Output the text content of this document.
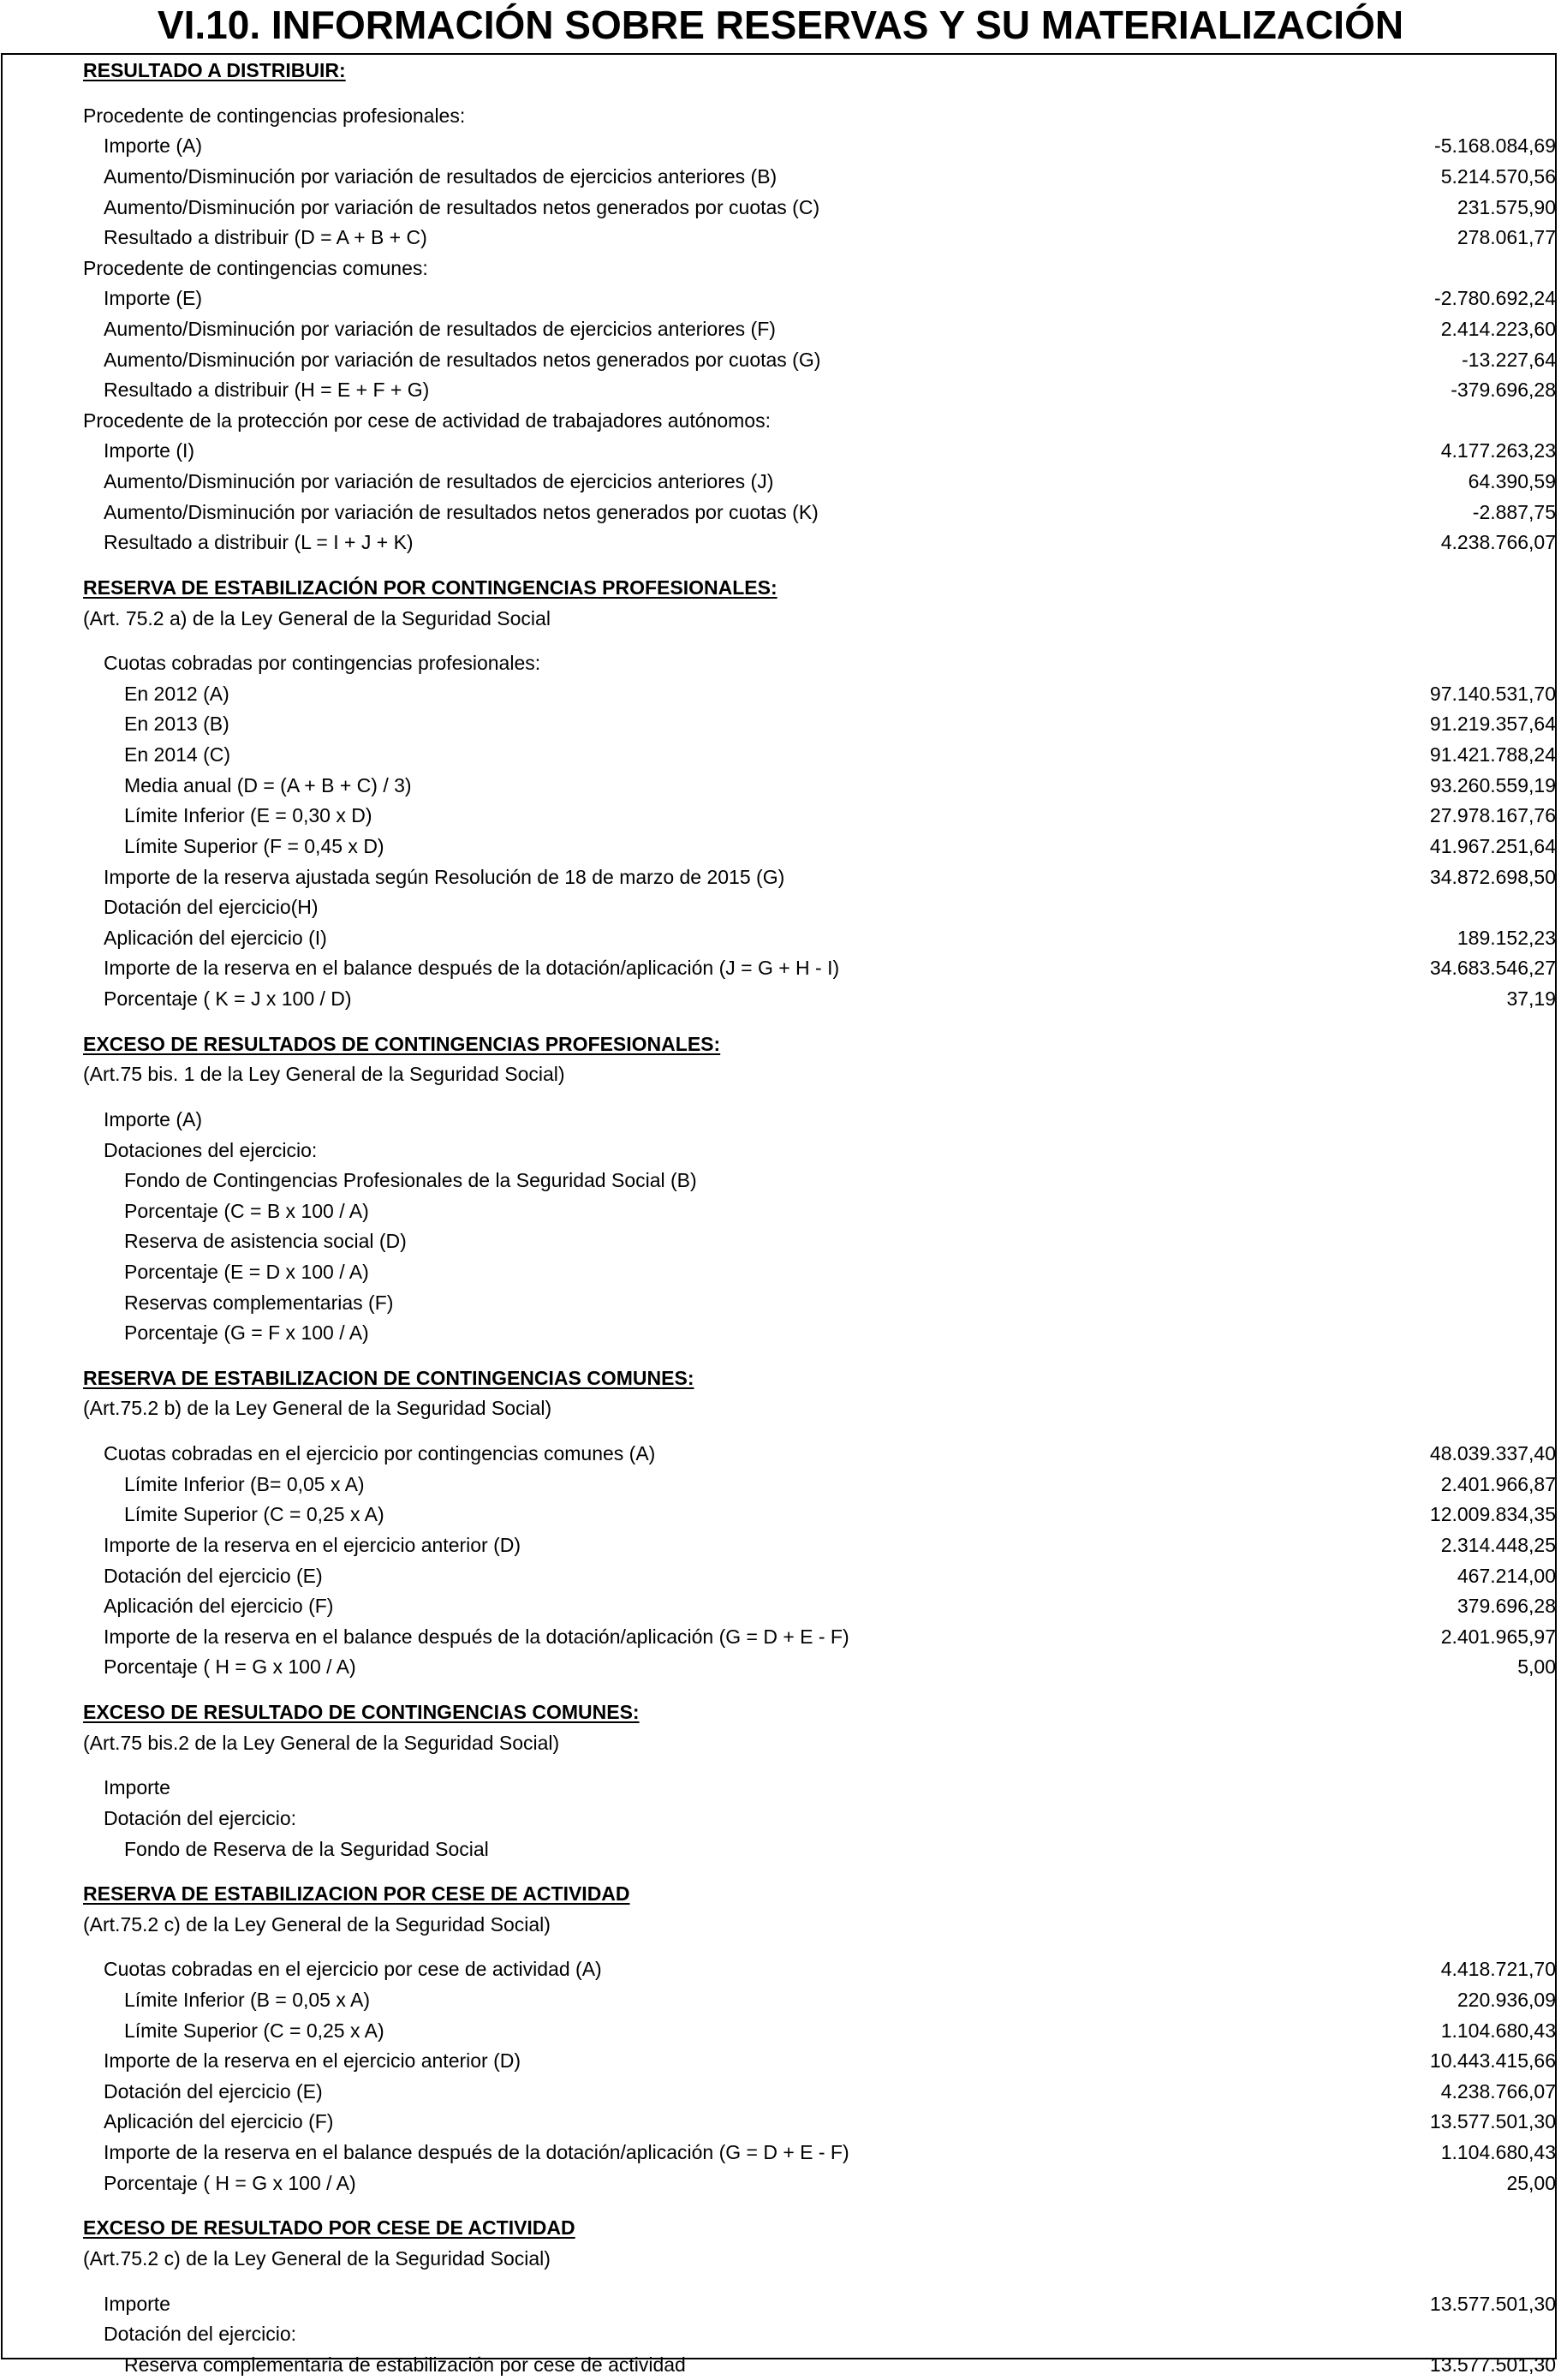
VI.10. INFORMACIÓN SOBRE RESERVAS Y SU MATERIALIZACIÓN
RESULTADO A DISTRIBUIR:
Procedente de contingencias profesionales:
Importe (A)	-5.168.084,69
Aumento/Disminución por variación de resultados de ejercicios anteriores (B)	5.214.570,56
Aumento/Disminución por variación de resultados netos generados por cuotas (C)	231.575,90
Resultado a distribuir (D = A + B + C)	278.061,77
Procedente de contingencias comunes:
Importe (E)	-2.780.692,24
Aumento/Disminución por variación de resultados de ejercicios anteriores (F)	2.414.223,60
Aumento/Disminución por variación de resultados netos generados por cuotas (G)	-13.227,64
Resultado a distribuir (H = E + F + G)	-379.696,28
Procedente de la protección por cese de actividad de trabajadores autónomos:
Importe (I)	4.177.263,23
Aumento/Disminución por variación de resultados de ejercicios anteriores (J)	64.390,59
Aumento/Disminución por variación de resultados netos generados por cuotas (K)	-2.887,75
Resultado a distribuir (L = I + J + K)	4.238.766,07
RESERVA DE ESTABILIZACIÓN POR CONTINGENCIAS PROFESIONALES:
(Art. 75.2 a) de la Ley General de la Seguridad Social
Cuotas cobradas por contingencias profesionales:
En 2012 (A)	97.140.531,70
En 2013 (B)	91.219.357,64
En 2014 (C)	91.421.788,24
Media anual (D = (A + B + C) / 3)	93.260.559,19
Límite Inferior (E = 0,30 x D)	27.978.167,76
Límite Superior (F = 0,45 x D)	41.967.251,64
Importe de la reserva ajustada según Resolución de 18 de marzo de 2015 (G)	34.872.698,50
Dotación del ejercicio(H)
Aplicación del ejercicio (I)	189.152,23
Importe de la reserva en el balance después de la dotación/aplicación (J = G + H - I)	34.683.546,27
Porcentaje ( K = J x 100 / D)	37,19
EXCESO DE RESULTADOS DE CONTINGENCIAS PROFESIONALES:
(Art.75 bis. 1 de la Ley General de la Seguridad Social)
Importe (A)
Dotaciones del ejercicio:
Fondo de Contingencias Profesionales de la Seguridad Social (B)
Porcentaje (C = B x 100 / A)
Reserva de asistencia social (D)
Porcentaje (E = D x 100 / A)
Reservas complementarias (F)
Porcentaje (G = F x 100 / A)
RESERVA DE ESTABILIZACION DE CONTINGENCIAS COMUNES:
(Art.75.2 b) de la Ley General de la Seguridad Social)
Cuotas cobradas en el ejercicio por contingencias comunes (A)	48.039.337,40
Límite Inferior (B= 0,05 x A)	2.401.966,87
Límite Superior (C = 0,25 x A)	12.009.834,35
Importe de la reserva en el ejercicio anterior (D)	2.314.448,25
Dotación del ejercicio (E)	467.214,00
Aplicación del ejercicio (F)	379.696,28
Importe de la reserva en el balance después de la dotación/aplicación (G = D + E - F)	2.401.965,97
Porcentaje ( H = G x 100 / A)	5,00
EXCESO DE RESULTADO DE CONTINGENCIAS COMUNES:
(Art.75 bis.2 de la Ley General de la Seguridad Social)
Importe
Dotación del ejercicio:
Fondo de Reserva de la Seguridad Social
RESERVA DE ESTABILIZACION POR CESE DE ACTIVIDAD
(Art.75.2 c) de la Ley General de la Seguridad Social)
Cuotas cobradas en el ejercicio por cese de actividad (A)	4.418.721,70
Límite Inferior (B = 0,05 x A)	220.936,09
Límite Superior (C = 0,25 x A)	1.104.680,43
Importe de la reserva en el ejercicio anterior (D)	10.443.415,66
Dotación del ejercicio (E)	4.238.766,07
Aplicación del ejercicio (F)	13.577.501,30
Importe de la reserva en el balance después de la dotación/aplicación (G = D + E - F)	1.104.680,43
Porcentaje ( H = G x 100 / A)	25,00
EXCESO DE RESULTADO POR CESE DE ACTIVIDAD
(Art.75.2 c) de la Ley General de la Seguridad Social)
Importe	13.577.501,30
Dotación del ejercicio:
Reserva complementaria de estabilización por cese de actividad	13.577.501,30
